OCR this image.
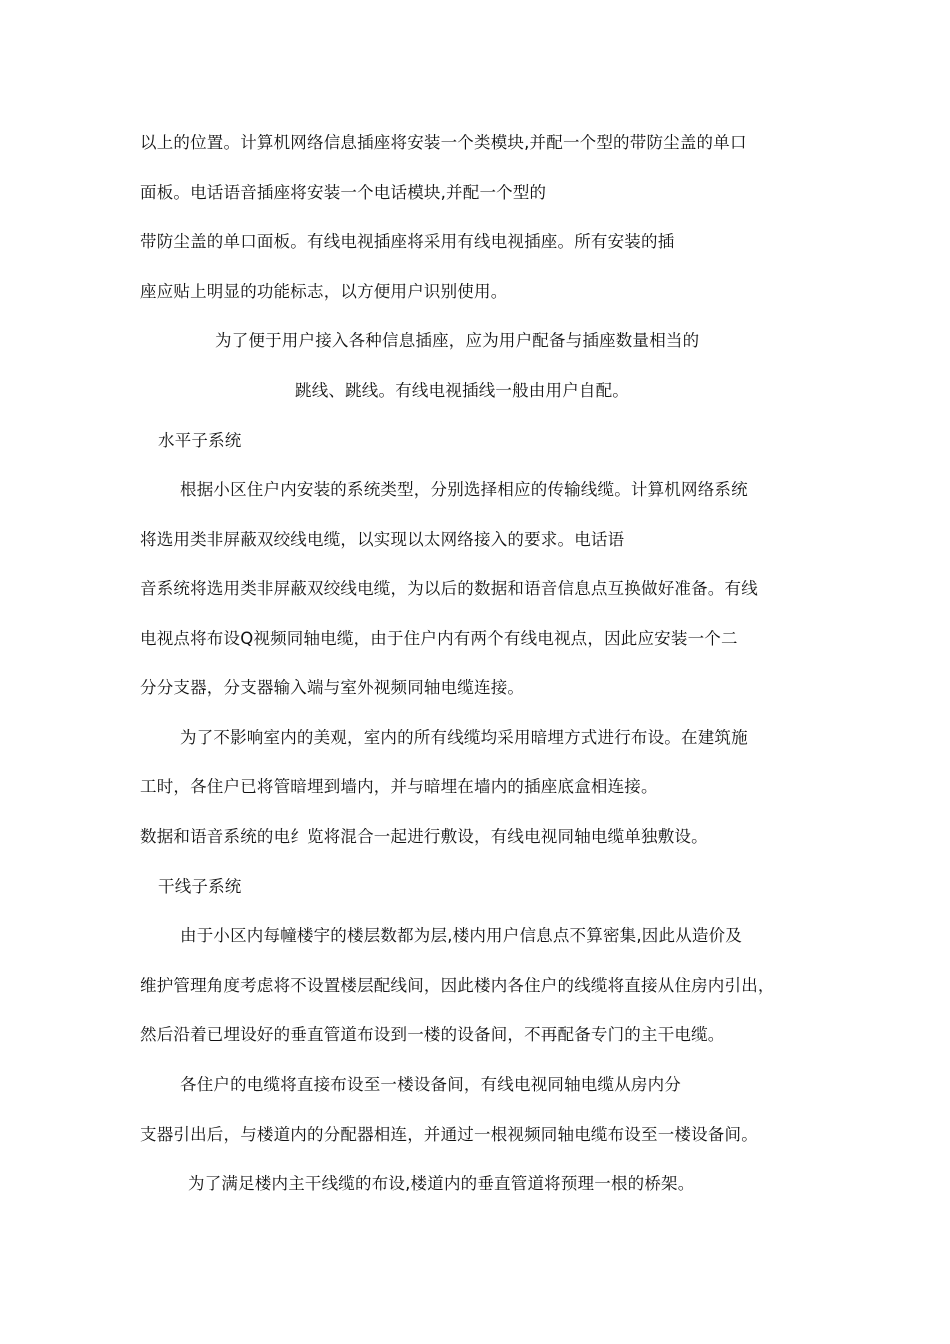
以上的位置。计算机网络信息插座将安装一个类模块,并配一个型的带防尘盖的单口
面板。电话语音插座将安装一个电话模块,并配一个型的
带防尘盖的单口面板。有线电视插座将采用有线电视插座。所有安装的插
座应贴上明显的功能标志，以方便用户识别使用。
为了便于用户接入各种信息插座，应为用户配备与插座数量相当的
跳线、跳线。有线电视插线一般由用户自配。
水平子系统
根据小区住户内安装的系统类型，分别选择相应的传输线缆。计算机网络系统
将选用类非屏蔽双绞线电缆，以实现以太网络接入的要求。电话语
音系统将选用类非屏蔽双绞线电缆，为以后的数据和语音信息点互换做好准备。有线
电视点将布设Q视频同轴电缆，由于住户内有两个有线电视点，因此应安装一个二
分分支器，分支器输入端与室外视频同轴电缆连接。
为了不影响室内的美观，室内的所有线缆均采用暗埋方式进行布设。在建筑施
工时，各住户已将管暗埋到墙内，并与暗埋在墙内的插座底盒相连接。
数据和语音系统的电纟览将混合一起进行敷设，有线电视同轴电缆单独敷设。
干线子系统
由于小区内每幢楼宇的楼层数都为层,楼内用户信息点不算密集,因此从造价及
维护管理角度考虑将不设置楼层配线间，因此楼内各住户的线缆将直接从住房内引出，
然后沿着已埋设好的垂直管道布设到一楼的设备间，不再配备专门的主干电缆。
各住户的电缆将直接布设至一楼设备间，有线电视同轴电缆从房内分
支器引出后，与楼道内的分配器相连，并通过一根视频同轴电缆布设至一楼设备间。
为了满足楼内主干线缆的布设,楼道内的垂直管道将预理一根的桥架。
